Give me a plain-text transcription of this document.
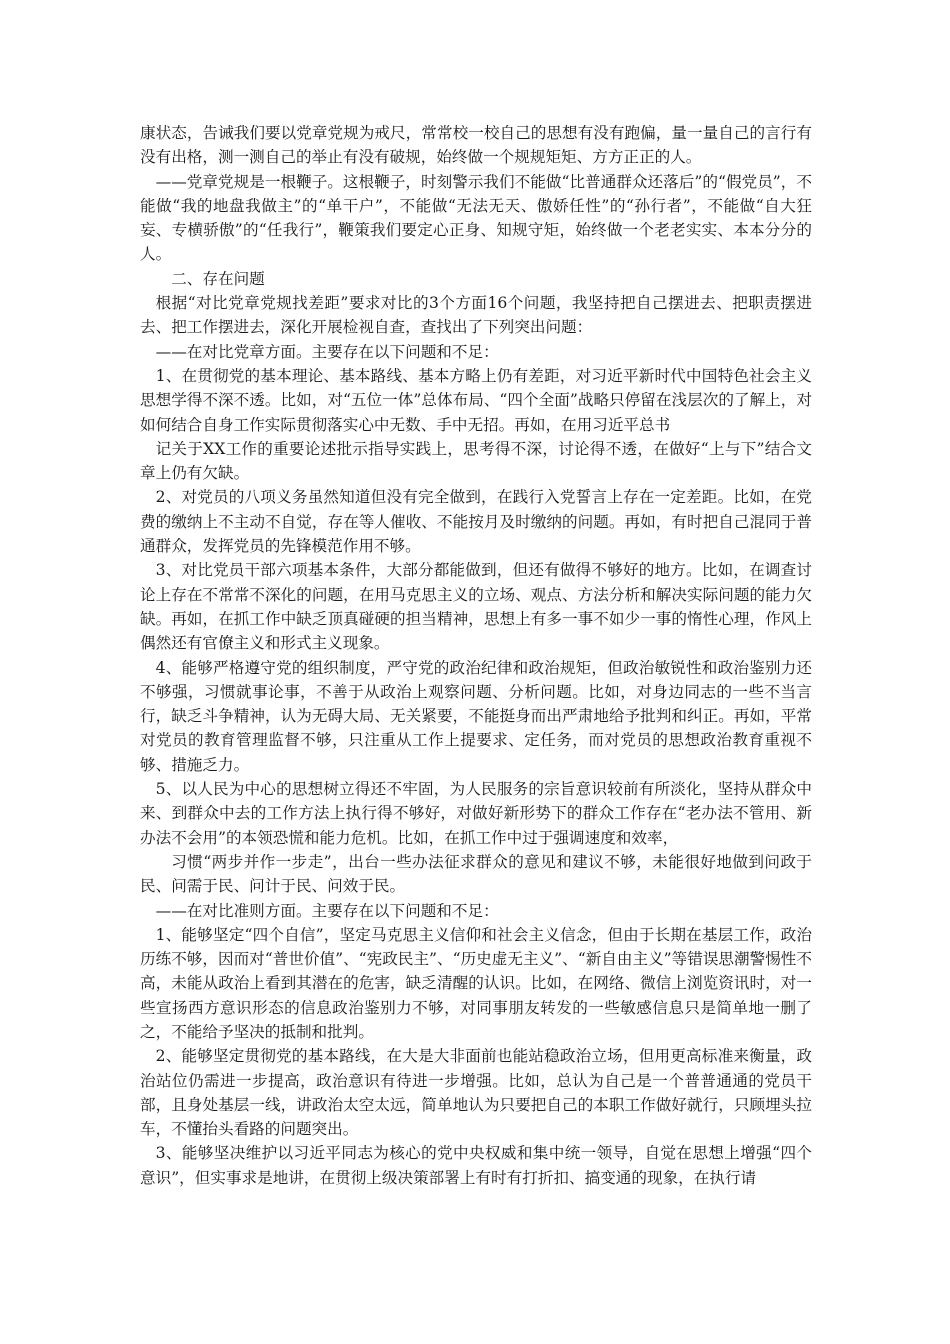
康状态，告诫我们要以党章党规为戒尺，常常校一校自己的思想有没有跑偏，量一量自己的言行有没有出格，测一测自己的举止有没有破规，始终做一个规规矩矩、方方正正的人。

——党章党规是一根鞭子。这根鞭子，时刻警示我们不能做“比普通群众还落后”的“假党员”，不能做“我的地盘我做主”的“单干户”，不能做“无法无天、傲娇任性”的“孙行者”，不能做“自大狂妄、专横骄傲”的“任我行”，鞭策我们要定心正身、知规守矩，始终做一个老老实实、本本分分的人。

二、存在问题

根据“对比党章党规找差距”要求对比的3个方面16个问题，我坚持把自己摆进去、把职责摆进去、把工作摆进去，深化开展检视自查，查找出了下列突出问题：

——在对比党章方面。主要存在以下问题和不足：

1、在贯彻党的基本理论、基本路线、基本方略上仍有差距，对习近平新时代中国特色社会主义思想学得不深不透。比如，对“五位一体”总体布局、“四个全面”战略只停留在浅层次的了解上，对如何结合自身工作实际贯彻落实心中无数、手中无招。再如，在用习近平总书

记关于XX工作的重要论述批示指导实践上，思考得不深，讨论得不透，在做好“上与下”结合文章上仍有欠缺。

2、对党员的八项义务虽然知道但没有完全做到，在践行入党誓言上存在一定差距。比如，在党费的缴纳上不主动不自觉，存在等人催收、不能按月及时缴纳的问题。再如，有时把自己混同于普通群众，发挥党员的先锋模范作用不够。

3、对比党员干部六项基本条件，大部分都能做到，但还有做得不够好的地方。比如，在调查讨论上存在不常常不深化的问题，在用马克思主义的立场、观点、方法分析和解决实际问题的能力欠缺。再如，在抓工作中缺乏顶真碰硬的担当精神，思想上有多一事不如少一事的惰性心理，作风上偶然还有官僚主义和形式主义现象。

4、能够严格遵守党的组织制度，严守党的政治纪律和政治规矩，但政治敏锐性和政治鉴别力还不够强，习惯就事论事，不善于从政治上观察问题、分析问题。比如，对身边同志的一些不当言行，缺乏斗争精神，认为无碍大局、无关紧要，不能挺身而出严肃地给予批判和纠正。再如，平常对党员的教育管理监督不够，只注重从工作上提要求、定任务，而对党员的思想政治教育重视不够、措施乏力。

5、以人民为中心的思想树立得还不牢固，为人民服务的宗旨意识较前有所淡化，坚持从群众中来、到群众中去的工作方法上执行得不够好，对做好新形势下的群众工作存在“老办法不管用、新办法不会用”的本领恐慌和能力危机。比如，在抓工作中过于强调速度和效率，

习惯“两步并作一步走”，出台一些办法征求群众的意见和建议不够，未能很好地做到问政于民、问需于民、问计于民、问效于民。

——在对比准则方面。主要存在以下问题和不足：

1、能够坚定“四个自信”，坚定马克思主义信仰和社会主义信念，但由于长期在基层工作，政治历练不够，因而对“普世价值”、“宪政民主”、“历史虚无主义”、“新自由主义”等错误思潮警惕性不高，未能从政治上看到其潜在的危害，缺乏清醒的认识。比如，在网络、微信上浏览资讯时，对一些宣扬西方意识形态的信息政治鉴别力不够，对同事朋友转发的一些敏感信息只是简单地一删了之，不能给予坚决的抵制和批判。

2、能够坚定贯彻党的基本路线，在大是大非面前也能站稳政治立场，但用更高标准来衡量，政治站位仍需进一步提高，政治意识有待进一步增强。比如，总认为自己是一个普普通通的党员干部，且身处基层一线，讲政治太空太远，简单地认为只要把自己的本职工作做好就行，只顾埋头拉车，不懂抬头看路的问题突出。

3、能够坚决维护以习近平同志为核心的党中央权威和集中统一领导，自觉在思想上增强“四个意识”，但实事求是地讲，在贯彻上级决策部署上有时有打折扣、搞变通的现象，在执行请
